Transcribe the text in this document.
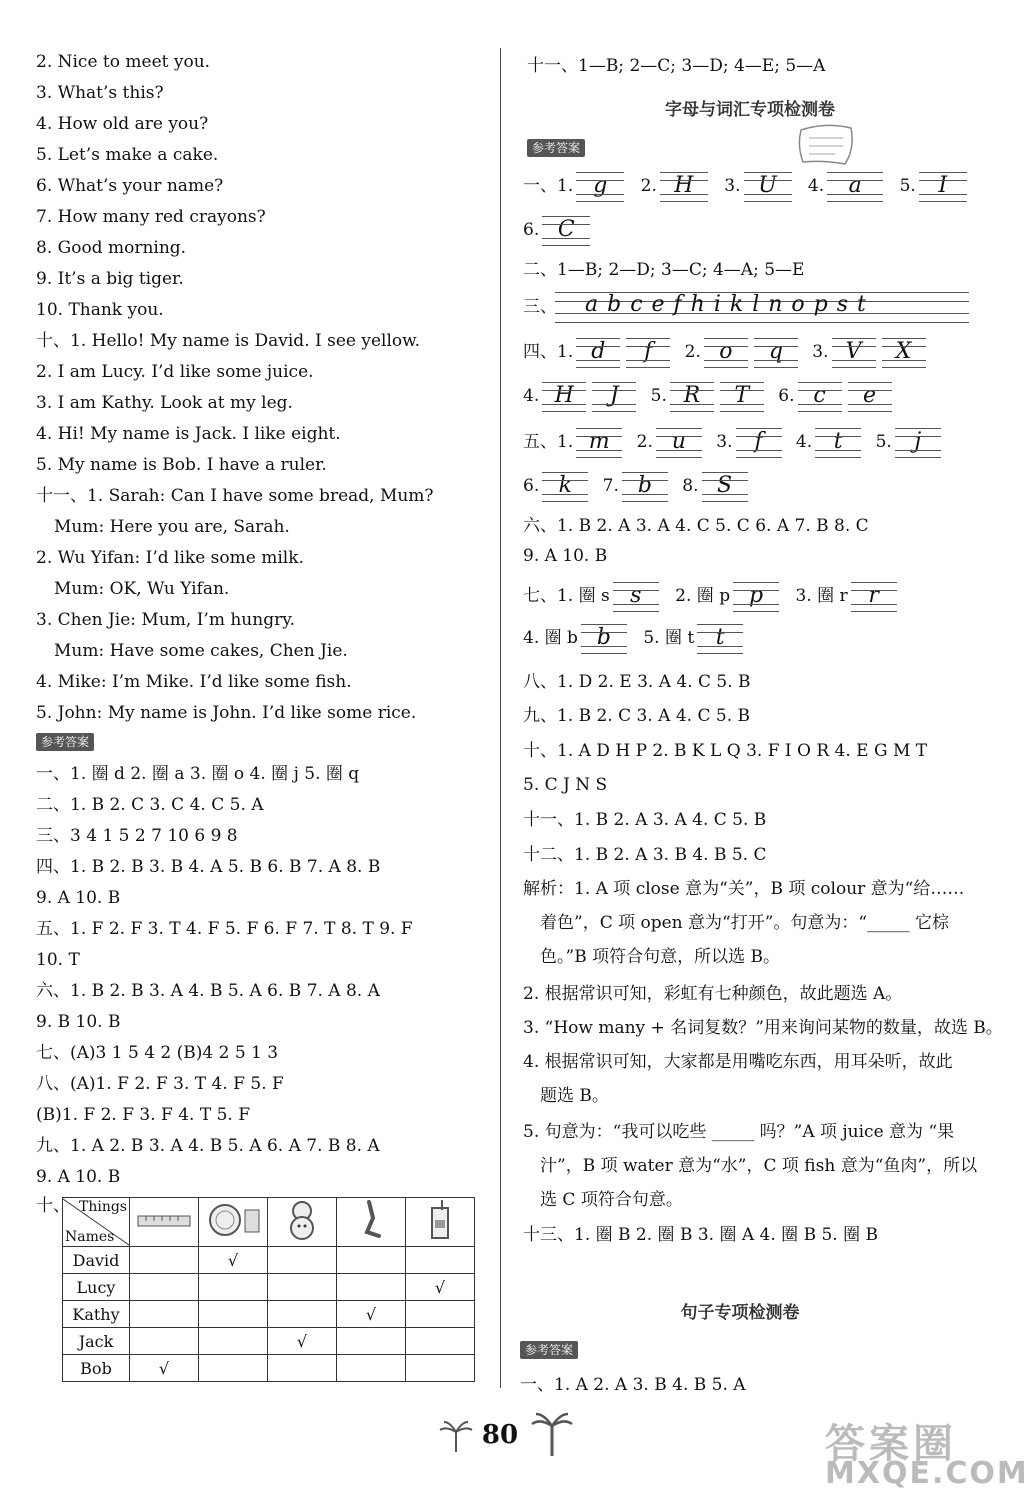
2. Nice to meet you.
3. What’s this?
4. How old are you?
5. Let’s make a cake.
6. What’s your name?
7. How many red crayons?
8. Good morning.
9. It’s a big tiger.
10. Thank you.
十、1. Hello! My name is David. I see yellow.
2. I am Lucy. I’d like some juice.
3. I am Kathy. Look at my leg.
4. Hi! My name is Jack. I like eight.
5. My name is Bob. I have a ruler.
十一、1. Sarah: Can I have some bread, Mum?
Mum: Here you are, Sarah.
2. Wu Yifan: I’d like some milk.
Mum: OK, Wu Yifan.
3. Chen Jie: Mum, I’m hungry.
Mum: Have some cakes, Chen Jie.
4. Mike: I’m Mike. I’d like some fish.
5. John: My name is John. I’d like some rice.
参考答案
一、1. 圈 d 2. 圈 a 3. 圈 o 4. 圈 j 5. 圈 q
二、1. B 2. C 3. C 4. C 5. A
三、3 4 1 5 2 7 10 6 9 8
四、1. B 2. B 3. B 4. A 5. B 6. B 7. A 8. B
9. A 10. B
五、1. F 2. F 3. T 4. F 5. F 6. F 7. T 8. T 9. F
10. T
六、1. B 2. B 3. A 4. B 5. A 6. B 7. A 8. A
9. B 10. B
七、(A)3 1 5 4 2 (B)4 2 5 1 3
八、(A)1. F 2. F 3. T 4. F 5. F
(B)1. F 2. F 3. F 4. T 5. F
九、1. A 2. B 3. A 4. B 5. A 6. A 7. B 8. A
9. A 10. B
十、 Things
Names

David		√			
Lucy					√
Kathy				√	
Jack			√		
Bob	√				
十一、1—B; 2—C; 3—D; 4—E; 5—A
字母与词汇专项检测卷
参考答案
一、1. g 2. H 3. U 4. a 5. I
6. C
二、1—B; 2—D; 3—C; 4—A; 5—E
三、 abcefhiklnopst
四、1. d f 2. o q 3. V X
4. H J 5. R T 6. c e
五、1. m 2. u 3. f 4. t 5. j
6. k 7. b 8. S
六、1. B 2. A 3. A 4. C 5. C 6. A 7. B 8. C
9. A 10. B
七、1. 圈 s s 2. 圈 p p 3. 圈 r r
4. 圈 b b 5. 圈 t t
八、1. D 2. E 3. A 4. C 5. B
九、1. B 2. C 3. A 4. C 5. B
十、1. A D H P 2. B K L Q 3. F I O R 4. E G M T
5. C J N S
十一、1. B 2. A 3. A 4. C 5. B
十二、1. B 2. A 3. B 4. B 5. C
解析：1. A 项 close 意为“关”，B 项 colour 意为“给……
着色”，C 项 open 意为“打开”。句意为：“_____ 它棕
色。”B 项符合句意，所以选 B。
2. 根据常识可知，彩虹有七种颜色，故此题选 A。
3. “How many + 名词复数？”用来询问某物的数量，故选 B。
4. 根据常识可知，大家都是用嘴吃东西，用耳朵听，故此
题选 B。
5. 句意为：“我可以吃些 _____ 吗？”A 项 juice 意为 “果
汁”，B 项 water 意为“水”，C 项 fish 意为“鱼肉”，所以
选 C 项符合句意。
十三、1. 圈 B 2. 圈 B 3. 圈 A 4. 圈 B 5. 圈 B
句子专项检测卷
参考答案
一、1. A 2. A 3. B 4. B 5. A
80	答案圈
MXQE.COM
